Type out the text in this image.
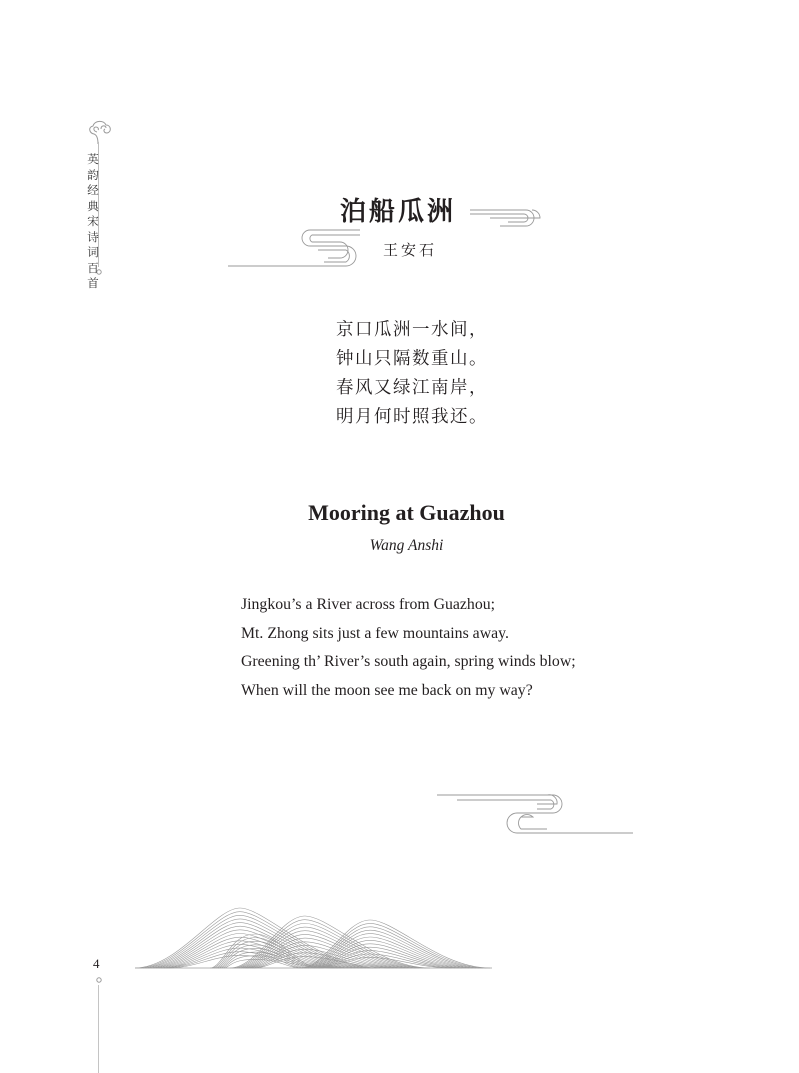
英韵经典宋诗词百首
4
泊船瓜洲
王安石
京口瓜洲一水间，
钟山只隔数重山。
春风又绿江南岸，
明月何时照我还。
Mooring at Guazhou
Wang Anshi
Jingkou’s a River across from Guazhou;
Mt. Zhong sits just a few mountains away.
Greening th’ River’s south again, spring winds blow;
When will the moon see me back on my way?
